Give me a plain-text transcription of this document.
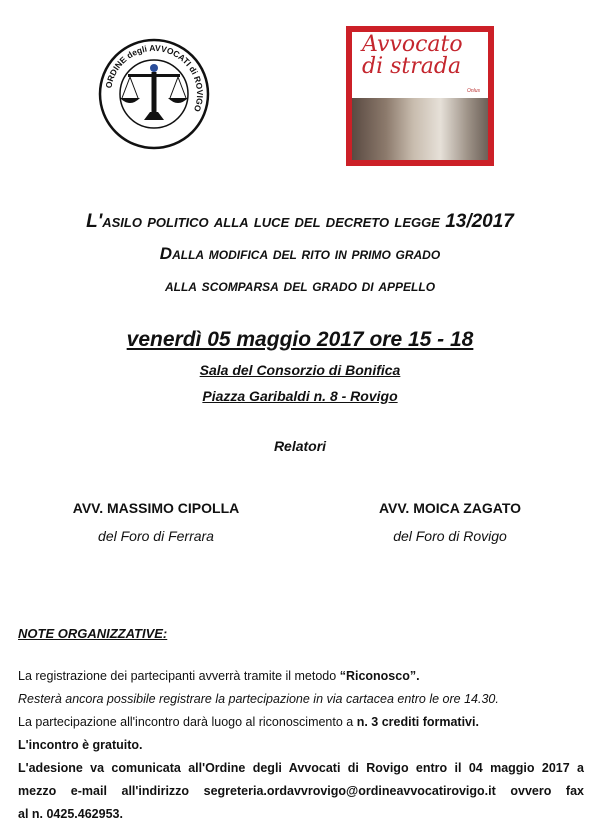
ORDINE degli AVVOCATI di ROVIGO
Avvocato
di strada
Onlus
L'asilo politico alla luce del decreto legge 13/2017
Dalla modifica del rito in primo grado
alla scomparsa del grado di appello
venerdì 05 maggio 2017 ore 15 - 18
Sala del Consorzio di Bonifica
Piazza Garibaldi n. 8 - Rovigo
Relatori
AVV. MASSIMO CIPOLLA
del Foro di Ferrara
AVV. MOICA ZAGATO
del Foro di Rovigo
NOTE ORGANIZZATIVE:

La registrazione dei partecipanti avverrà tramite il metodo “Riconosco”.

Resterà ancora possibile registrare la partecipazione in via cartacea entro le ore 14.30.

La partecipazione all'incontro darà luogo al riconoscimento a n. 3 crediti formativi.

L'incontro è gratuito.

L'adesione va comunicata all'Ordine degli Avvocati di Rovigo entro il 04 maggio 2017 a

mezzo e-mail all'indirizzo segreteria.ordavvrovigo@ordineavvocatirovigo.it ovvero fax

al n. 0425.462953.
